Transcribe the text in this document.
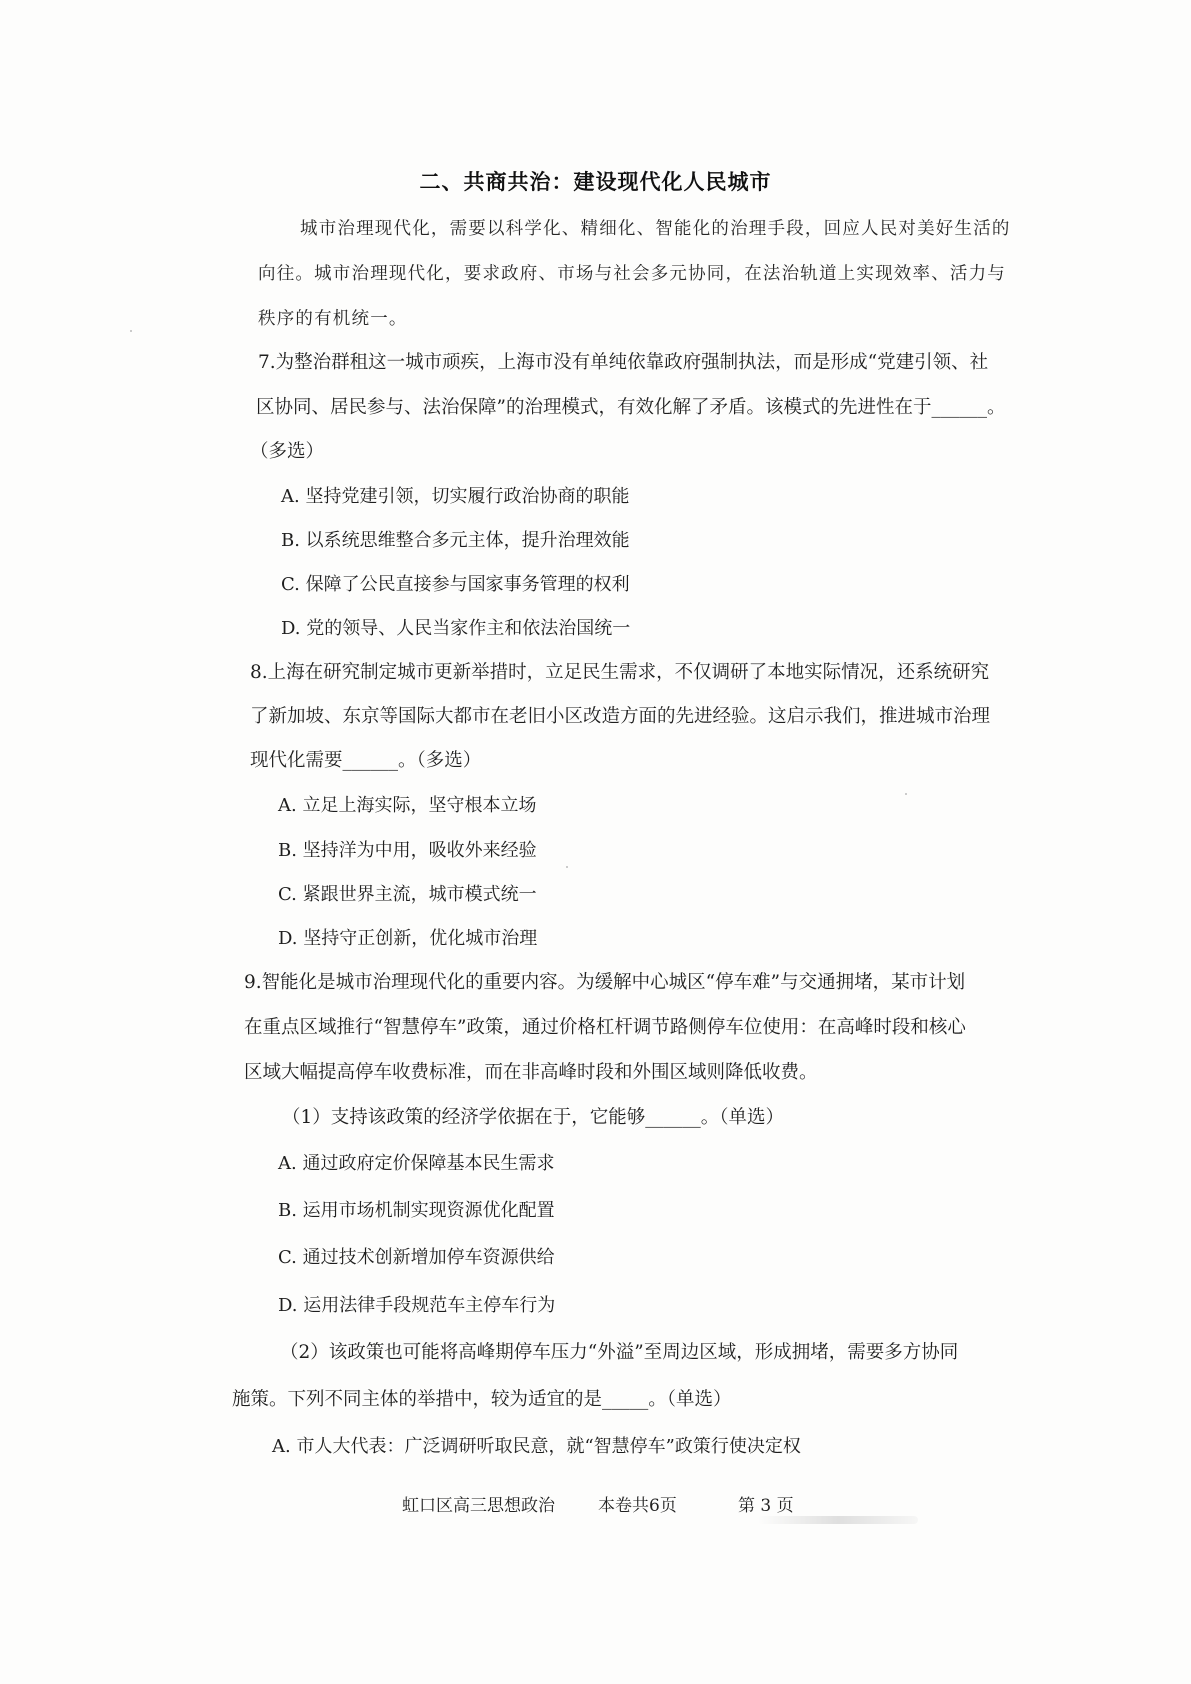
二、共商共治：建设现代化人民城市
城市治理现代化，需要以科学化、精细化、智能化的治理手段，回应人民对美好生活的
向往。城市治理现代化，要求政府、市场与社会多元协同，在法治轨道上实现效率、活力与
秩序的有机统一。
7.为整治群租这一城市顽疾，上海市没有单纯依靠政府强制执法，而是形成“党建引领、社
区协同、居民参与、法治保障”的治理模式，有效化解了矛盾。该模式的先进性在于______。
（多选）
A. 坚持党建引领，切实履行政治协商的职能
B. 以系统思维整合多元主体，提升治理效能
C. 保障了公民直接参与国家事务管理的权利
D. 党的领导、人民当家作主和依法治国统一
8.上海在研究制定城市更新举措时，立足民生需求，不仅调研了本地实际情况，还系统研究
了新加坡、东京等国际大都市在老旧小区改造方面的先进经验。这启示我们，推进城市治理
现代化需要______。（多选）
A. 立足上海实际，坚守根本立场
B. 坚持洋为中用，吸收外来经验
C. 紧跟世界主流，城市模式统一
D. 坚持守正创新，优化城市治理
9.智能化是城市治理现代化的重要内容。为缓解中心城区“停车难”与交通拥堵，某市计划
在重点区域推行“智慧停车”政策，通过价格杠杆调节路侧停车位使用：在高峰时段和核心
区域大幅提高停车收费标准，而在非高峰时段和外围区域则降低收费。
（1）支持该政策的经济学依据在于，它能够______。（单选）
A. 通过政府定价保障基本民生需求
B. 运用市场机制实现资源优化配置
C. 通过技术创新增加停车资源供给
D. 运用法律手段规范车主停车行为
（2）该政策也可能将高峰期停车压力“外溢”至周边区域，形成拥堵，需要多方协同
施策。下列不同主体的举措中，较为适宜的是_____。（单选）
A. 市人大代表：广泛调研听取民意，就“智慧停车”政策行使决定权
虹口区高三思想政治	本卷共6页	第 3 页
